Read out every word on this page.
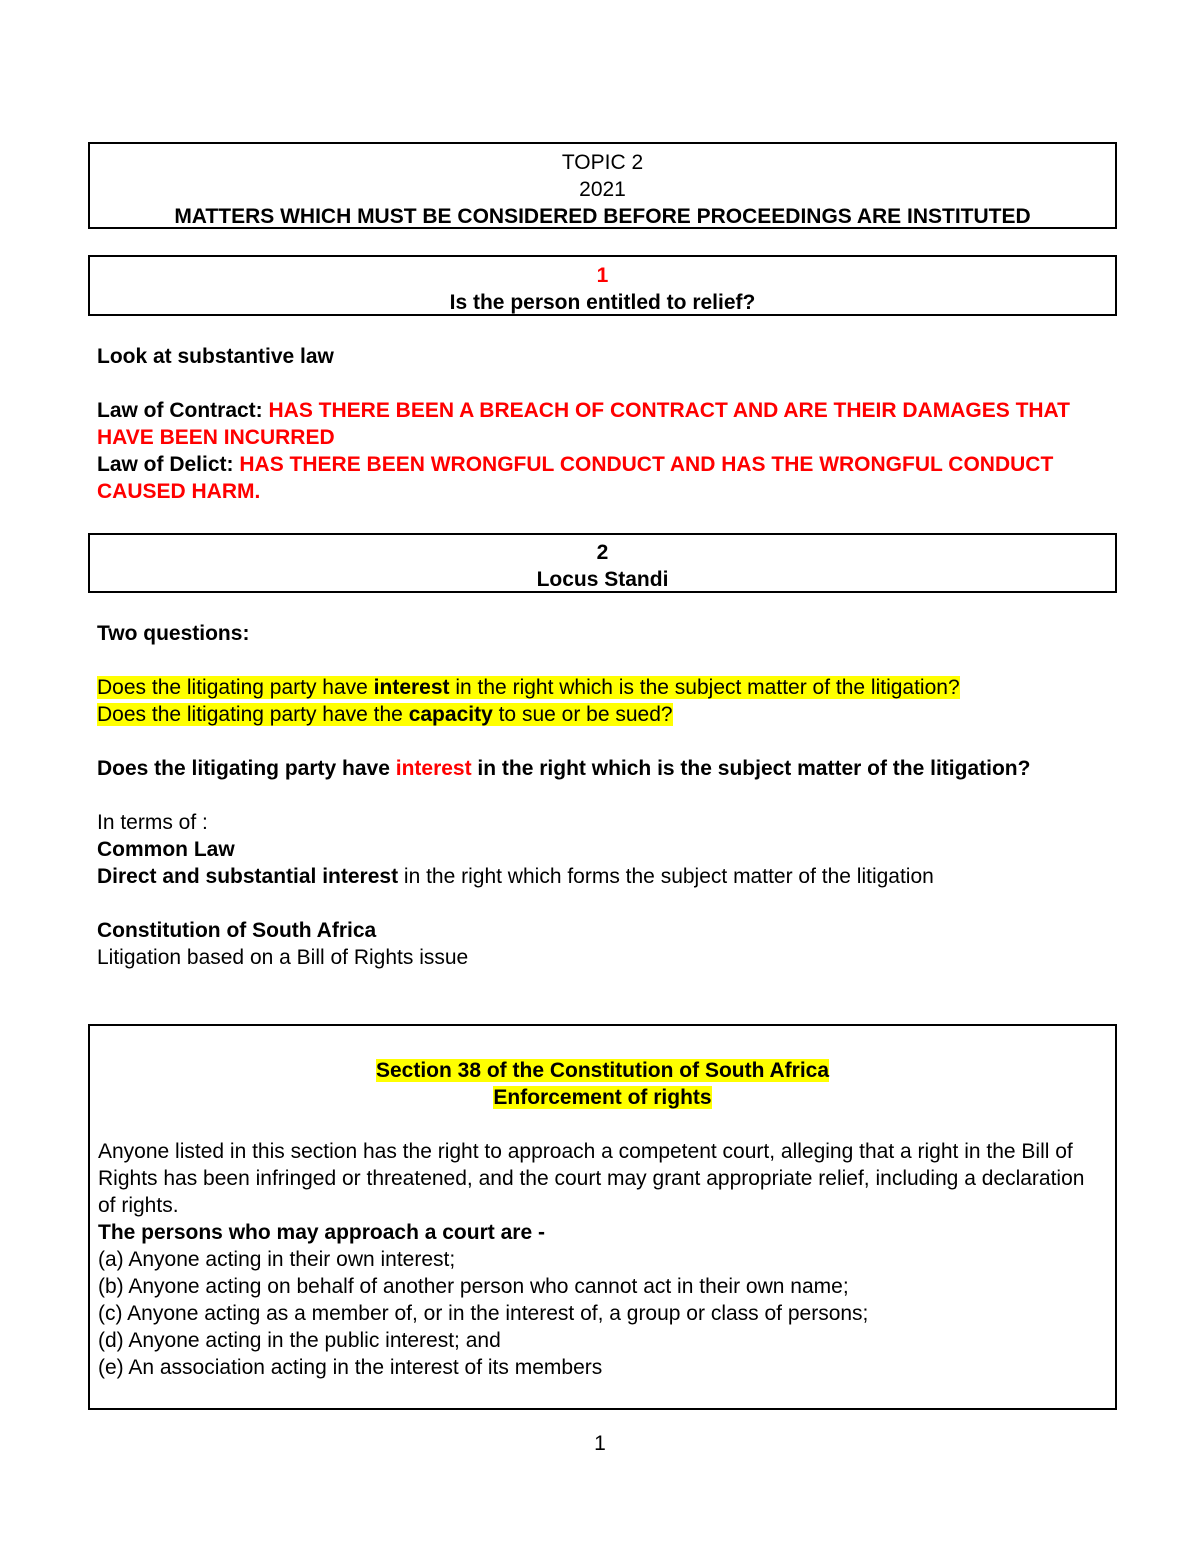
TOPIC 2
2021
MATTERS WHICH MUST BE CONSIDERED BEFORE PROCEEDINGS ARE INSTITUTED
1
Is the person entitled to relief?

Look at substantive law

Law of Contract: HAS THERE BEEN A BREACH OF CONTRACT AND ARE THEIR DAMAGES THAT HAVE BEEN INCURRED

Law of Delict: HAS THERE BEEN WRONGFUL CONDUCT AND HAS THE WRONGFUL CONDUCT CAUSED HARM.

2
Locus Standi

Two questions:

Does the litigating party have interest in the right which is the subject matter of the litigation?

Does the litigating party have the capacity to sue or be sued?

Does the litigating party have interest in the right which is the subject matter of the litigation?

In terms of :

Common Law

Direct and substantial interest in the right which forms the subject matter of the litigation

Constitution of South Africa

Litigation based on a Bill of Rights issue

Section 38 of the Constitution of South Africa
Enforcement of rights

Anyone listed in this section has the right to approach a competent court, alleging that a right in the Bill of Rights has been infringed or threatened, and the court may grant appropriate relief, including a declaration of rights.

The persons who may approach a court are -

(a) Anyone acting in their own interest;

(b) Anyone acting on behalf of another person who cannot act in their own name;

(c) Anyone acting as a member of, or in the interest of, a group or class of persons;

(d) Anyone acting in the public interest; and

(e) An association acting in the interest of its members

1
